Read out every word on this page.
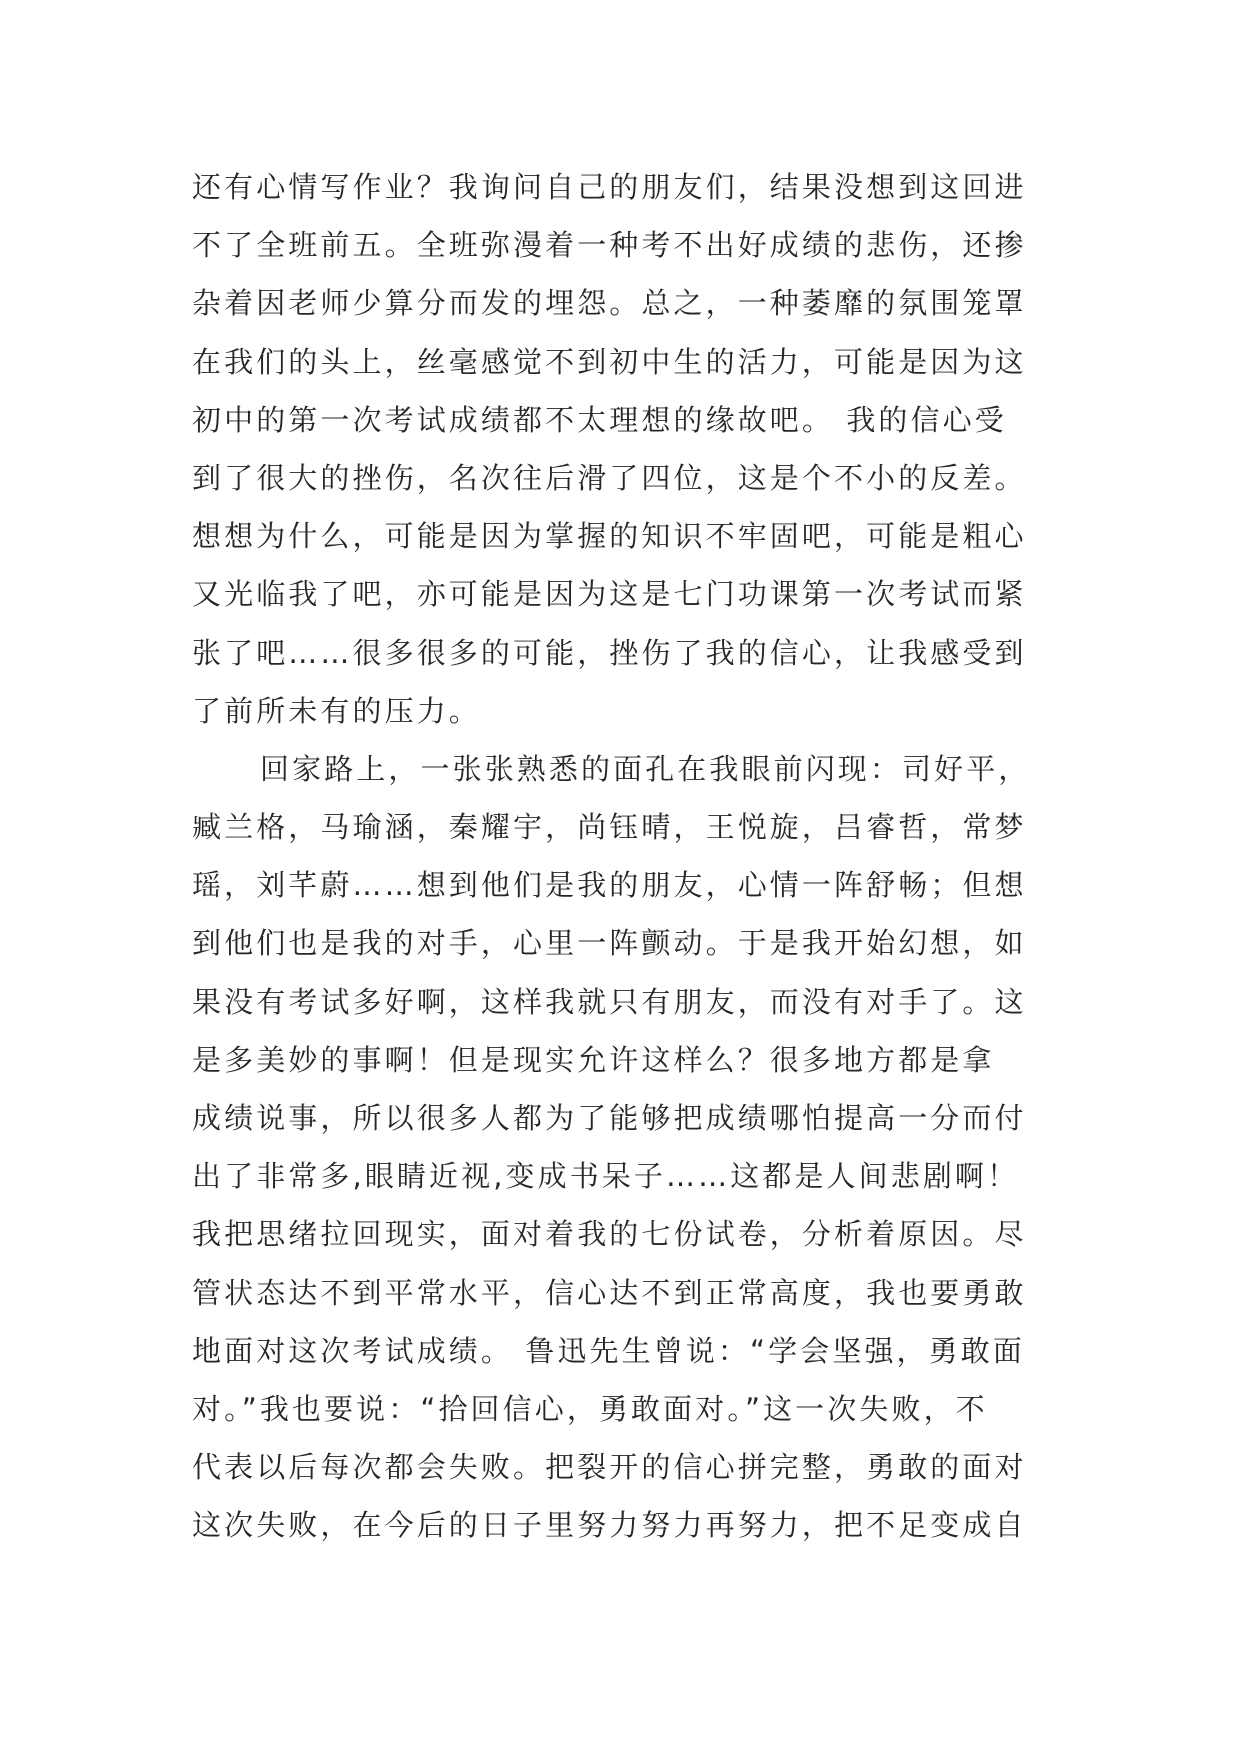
还有心情写作业？我询问自己的朋友们，结果没想到这回进
不了全班前五。全班弥漫着一种考不出好成绩的悲伤，还掺
杂着因老师少算分而发的埋怨。总之，一种萎靡的氛围笼罩
在我们的头上，丝毫感觉不到初中生的活力，可能是因为这
初中的第一次考试成绩都不太理想的缘故吧。 我的信心受
到了很大的挫伤，名次往后滑了四位，这是个不小的反差。
想想为什么，可能是因为掌握的知识不牢固吧，可能是粗心
又光临我了吧，亦可能是因为这是七门功课第一次考试而紧
张了吧……很多很多的可能，挫伤了我的信心，让我感受到
了前所未有的压力。
回家路上，一张张熟悉的面孔在我眼前闪现：司好平，
臧兰格，马瑜涵，秦耀宇，尚钰晴，王悦旋，吕睿哲，常梦
瑶，刘芊蔚……想到他们是我的朋友，心情一阵舒畅；但想
到他们也是我的对手，心里一阵颤动。于是我开始幻想，如
果没有考试多好啊，这样我就只有朋友，而没有对手了。这
是多美妙的事啊！但是现实允许这样么？很多地方都是拿
成绩说事，所以很多人都为了能够把成绩哪怕提高一分而付
出了非常多,眼睛近视,变成书呆子……这都是人间悲剧啊！
我把思绪拉回现实，面对着我的七份试卷，分析着原因。尽
管状态达不到平常水平，信心达不到正常高度，我也要勇敢
地面对这次考试成绩。 鲁迅先生曾说：“学会坚强，勇敢面
对。”我也要说：“拾回信心，勇敢面对。”这一次失败，不
代表以后每次都会失败。把裂开的信心拼完整，勇敢的面对
这次失败，在今后的日子里努力努力再努力，把不足变成自
